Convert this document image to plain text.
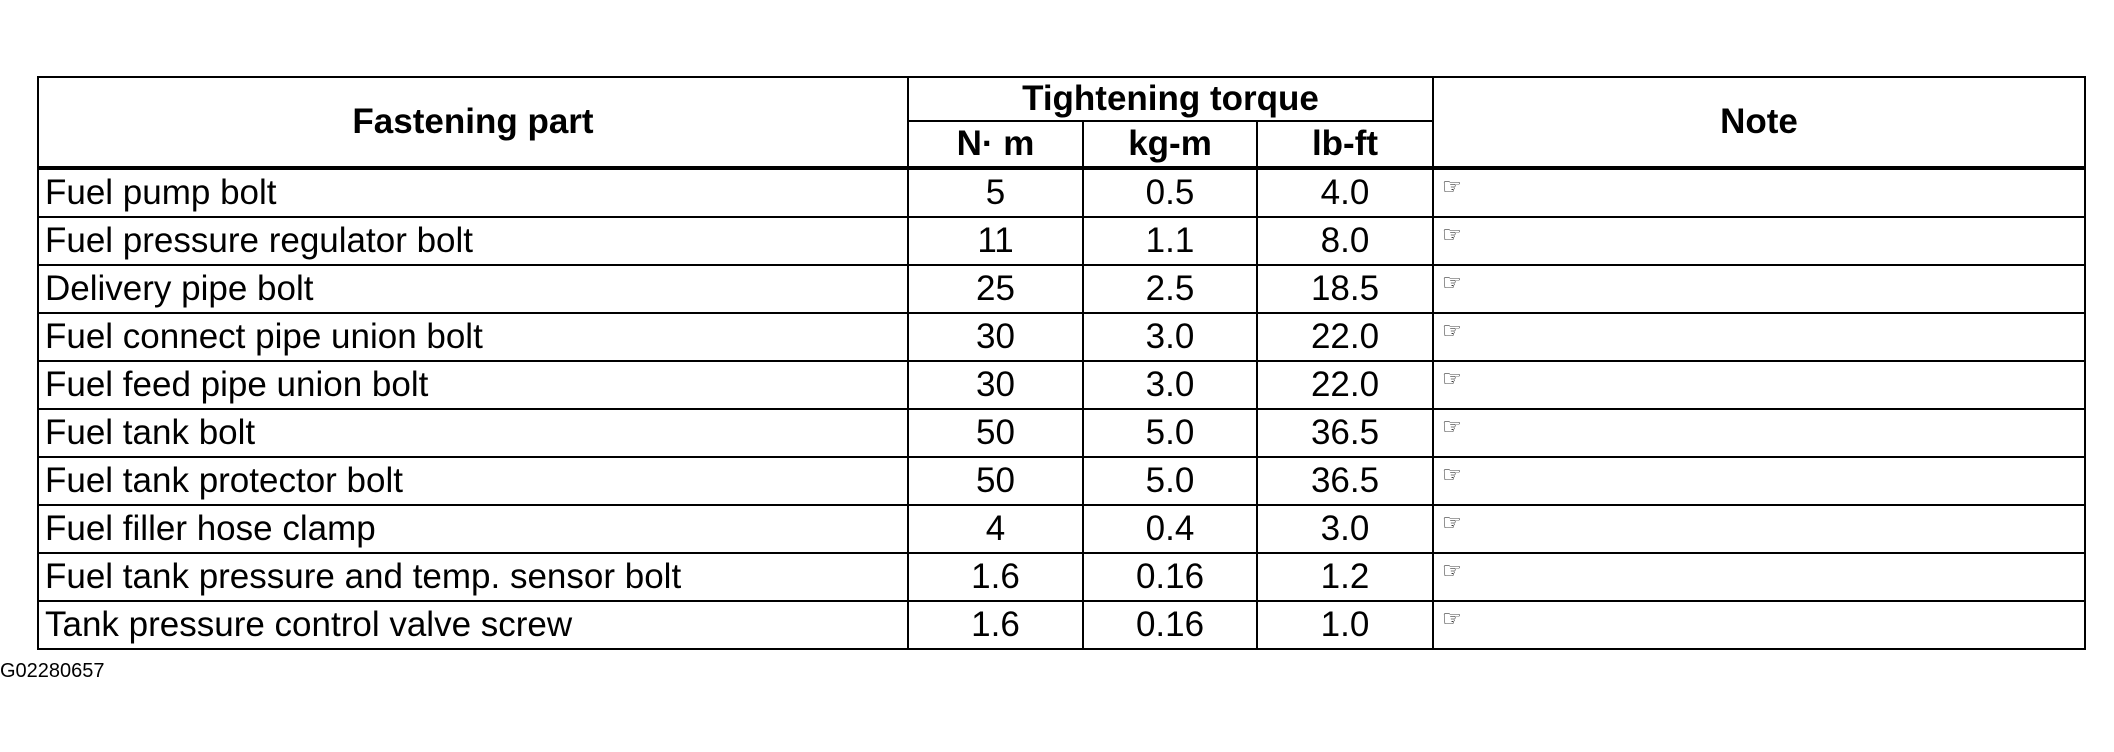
Fastening part	Tightening torque			Note
	N· m	kg-m	lb-ft	
Fuel pump bolt	5	0.5	4.0	☞
Fuel pressure regulator bolt	11	1.1	8.0	☞
Delivery pipe bolt	25	2.5	18.5	☞
Fuel connect pipe union bolt	30	3.0	22.0	☞
Fuel feed pipe union bolt	30	3.0	22.0	☞
Fuel tank bolt	50	5.0	36.5	☞
Fuel tank protector bolt	50	5.0	36.5	☞
Fuel filler hose clamp	4	0.4	3.0	☞
Fuel tank pressure and temp. sensor bolt	1.6	0.16	1.2	☞
Tank pressure control valve screw	1.6	0.16	1.0	☞
G02280657
